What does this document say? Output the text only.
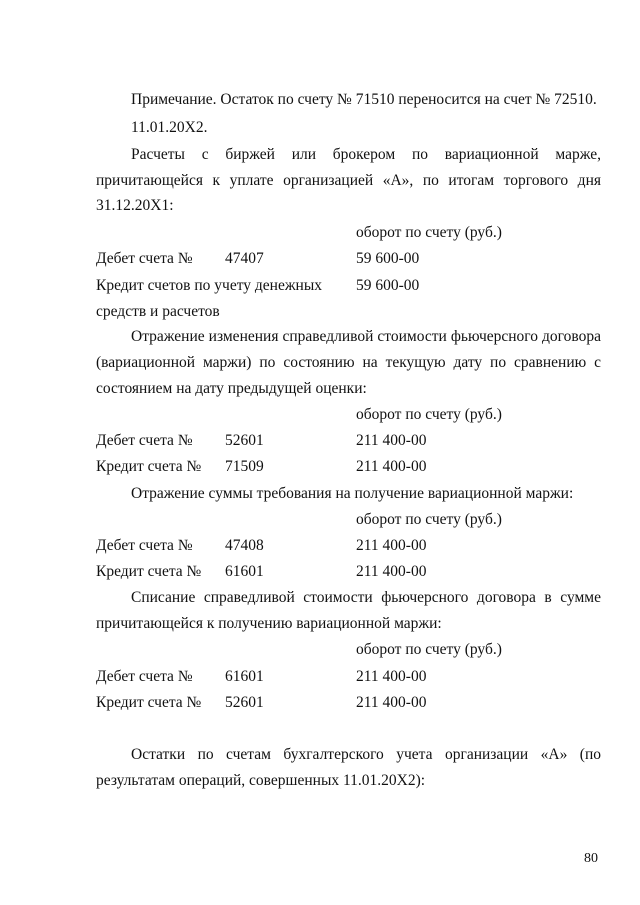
Примечание. Остаток по счету № 71510 переносится на счет № 72510.
11.01.20Х2.
Расчеты с биржей или брокером по вариационной марже,
причитающейся к уплате организацией «А», по итогам торгового дня
31.12.20Х1:
оборот по счету (руб.)
Дебет счета № 47407	59 600-00
Кредит счетов по учету денежных 59 600-00
средств и расчетов
Отражение изменения справедливой стоимости фьючерсного договора
(вариационной маржи) по состоянию на текущую дату по сравнению с
состоянием на дату предыдущей оценки:
оборот по счету (руб.)
Дебет счета № 52601	211 400-00
Кредит счета № 71509	211 400-00
Отражение суммы требования на получение вариационной маржи:
оборот по счету (руб.)
Дебет счета № 47408	211 400-00
Кредит счета № 61601	211 400-00
Списание справедливой стоимости фьючерсного договора в сумме
причитающейся к получению вариационной маржи:
оборот по счету (руб.)
Дебет счета № 61601	211 400-00
Кредит счета № 52601	211 400-00
Остатки по счетам бухгалтерского учета организации «А» (по
результатам операций, совершенных 11.01.20Х2):
80
